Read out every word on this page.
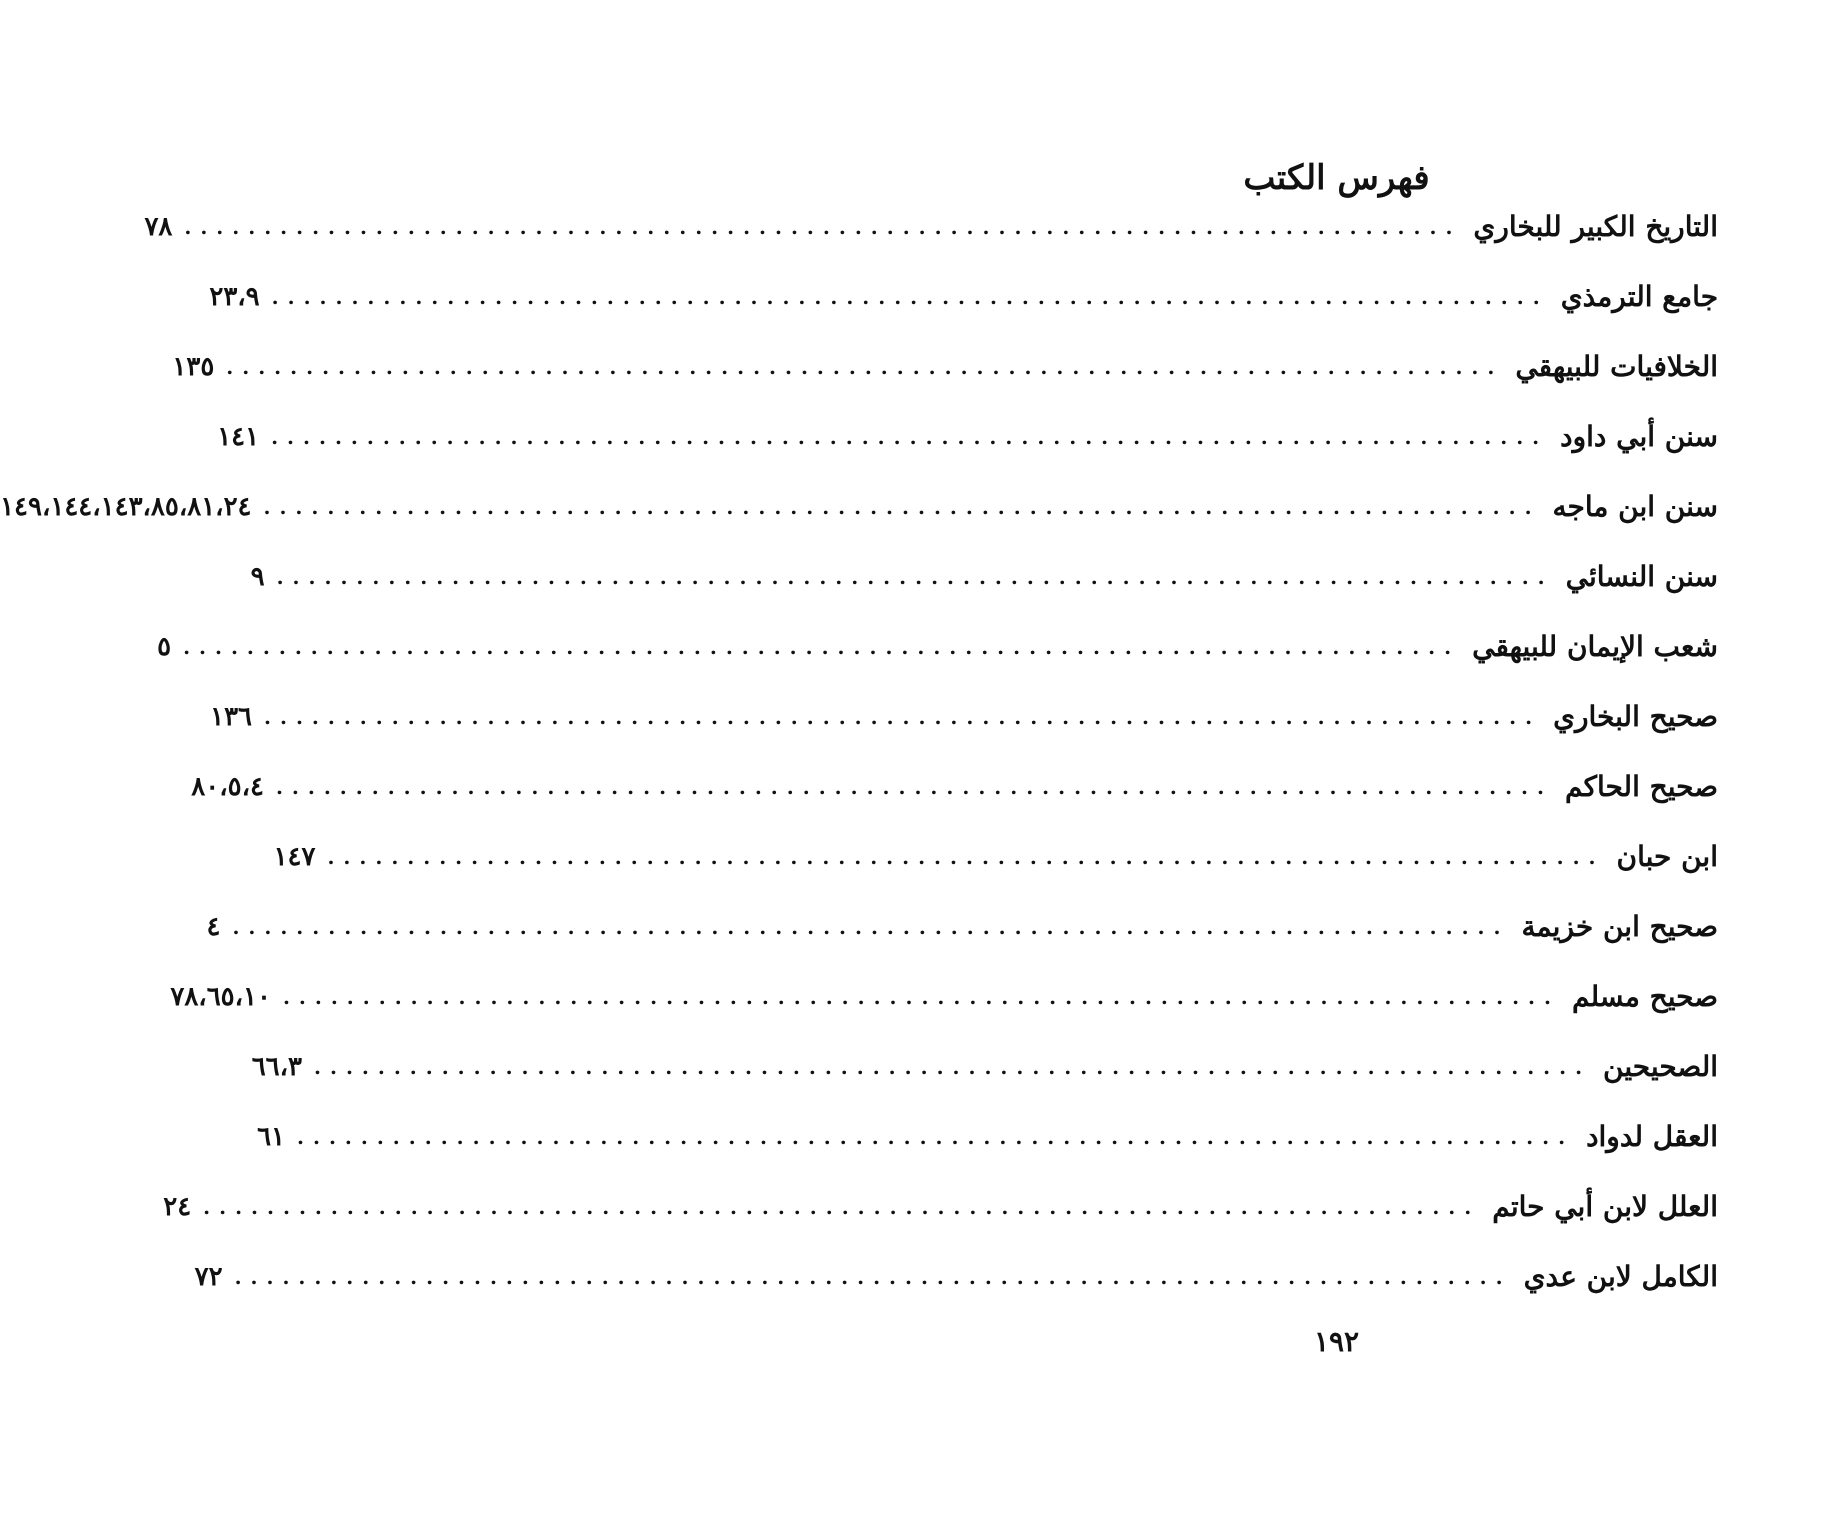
فهرس الكتب
التاريخ الكبير للبخاري
................................................................................
٧٨
جامع الترمذي
................................................................................
٢٣،٩
الخلافيات للبيهقي
................................................................................
١٣٥
سنن أبي داود
................................................................................
١٤١
سنن ابن ماجه
................................................................................
١٤٩،١٤٤،١٤٣،٨٥،٨١،٢٤
سنن النسائي
................................................................................
٩
شعب الإيمان للبيهقي
................................................................................
٥
صحيح البخاري
................................................................................
١٣٦
صحيح الحاكم
................................................................................
٨٠،٥،٤
ابن حبان
................................................................................
١٤٧
صحيح ابن خزيمة
................................................................................
٤
صحيح مسلم
................................................................................
٧٨،٦٥،١٠
الصحيحين
................................................................................
٦٦،٣
العقل لدواد
................................................................................
٦١
العلل لابن أبي حاتم
................................................................................
٢٤
الكامل لابن عدي
................................................................................
٧٢
١٩٢
